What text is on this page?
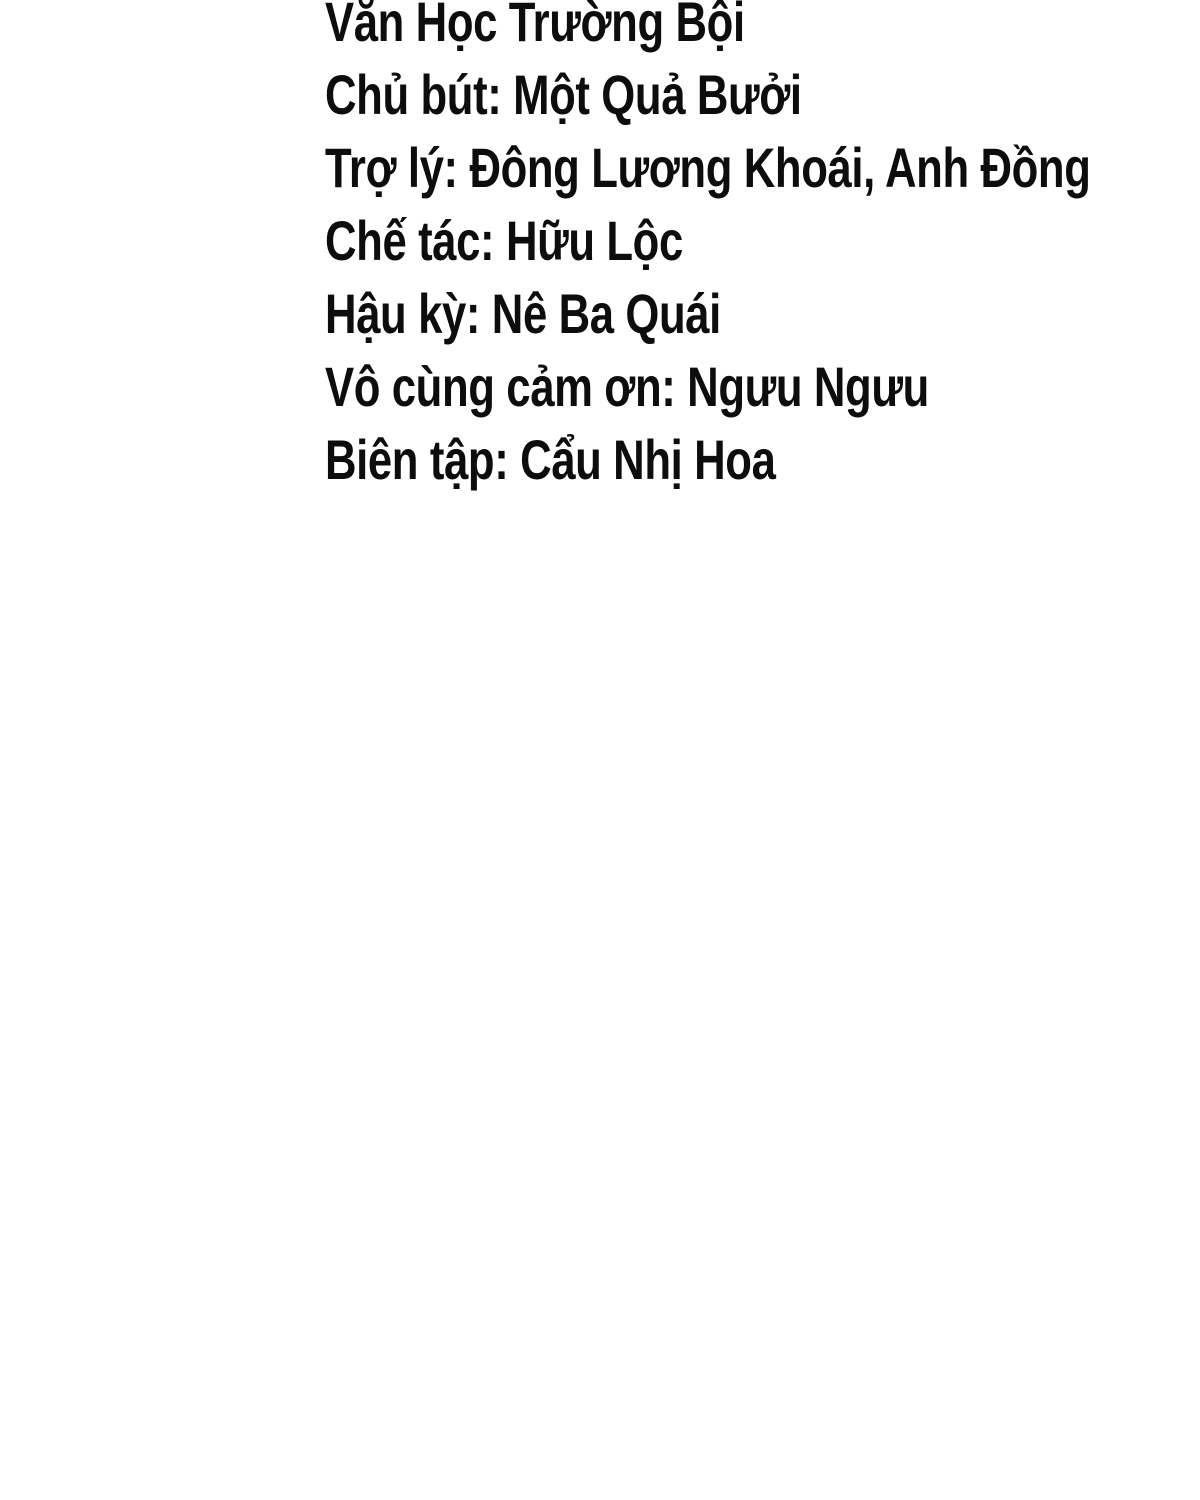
Văn Học Trường Bội
Chủ bút: Một Quả Bưởi
Trợ lý: Đông Lương Khoái, Anh Đồng
Chế tác: Hữu Lộc
Hậu kỳ: Nê Ba Quái
Vô cùng cảm ơn: Ngưu Ngưu
Biên tập: Cẩu Nhị Hoa
